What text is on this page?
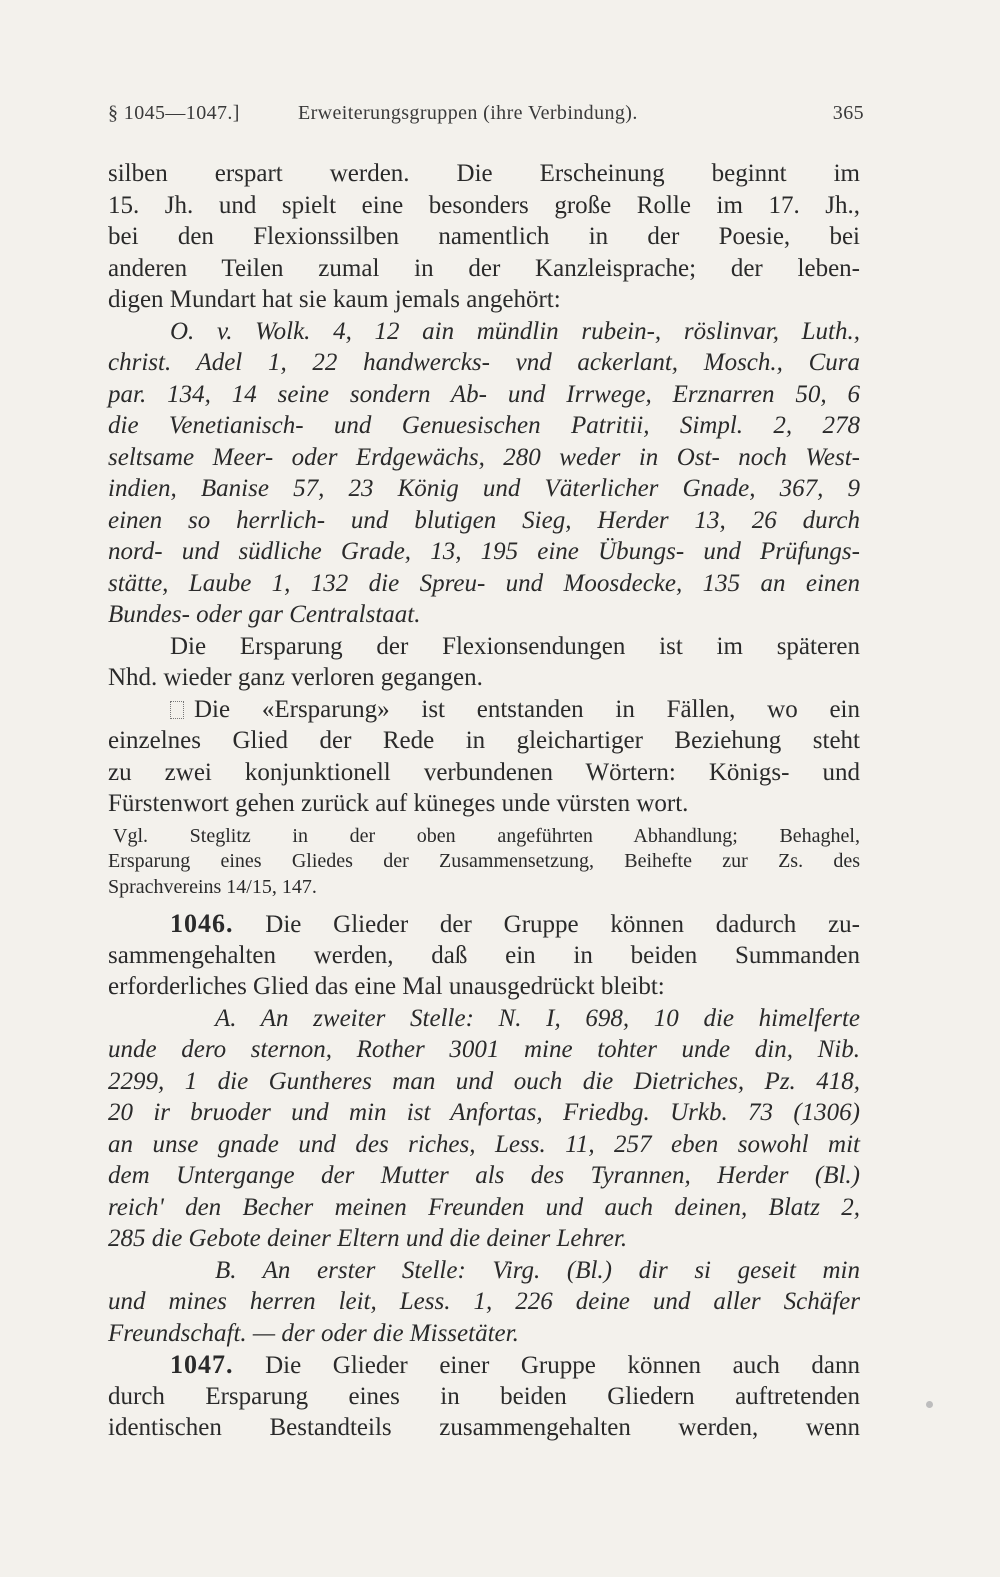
§ 1045—1047.]	Erweiterungsgruppen (ihre Verbindung).	365
silben erspart werden. Die Erscheinung beginnt im
15. Jh. und spielt eine besonders große Rolle im 17. Jh.,
bei den Flexionssilben namentlich in der Poesie, bei
anderen Teilen zumal in der Kanzleisprache; der leben-
digen Mundart hat sie kaum jemals angehört:
O. v. Wolk. 4, 12 ain mündlin rubein-, röslinvar, Luth.,
christ. Adel 1, 22 handwercks- vnd ackerlant, Mosch., Cura
par. 134, 14 seine sondern Ab- und Irrwege, Erznarren 50, 6
die Venetianisch- und Genuesischen Patritii, Simpl. 2, 278
seltsame Meer- oder Erdgewächs, 280 weder in Ost- noch West-
indien, Banise 57, 23 König und Väterlicher Gnade, 367, 9
einen so herrlich- und blutigen Sieg, Herder 13, 26 durch
nord- und südliche Grade, 13, 195 eine Übungs- und Prüfungs-
stätte, Laube 1, 132 die Spreu- und Moosdecke, 135 an einen
Bundes- oder gar Centralstaat.
Die Ersparung der Flexionsendungen ist im späteren
Nhd. wieder ganz verloren gegangen.
Die «Ersparung» ist entstanden in Fällen, wo ein
einzelnes Glied der Rede in gleichartiger Beziehung steht
zu zwei konjunktionell verbundenen Wörtern: Königs- und
Fürstenwort gehen zurück auf küneges unde vürsten wort.
Vgl. Steglitz in der oben angeführten Abhandlung; Behaghel,
Ersparung eines Gliedes der Zusammensetzung, Beihefte zur Zs. des
Sprachvereins 14/15, 147.
1046. Die Glieder der Gruppe können dadurch zu-
sammengehalten werden, daß ein in beiden Summanden
erforderliches Glied das eine Mal unausgedrückt bleibt:
A. An zweiter Stelle: N. I, 698, 10 die himelferte
unde dero sternon, Rother 3001 mine tohter unde din, Nib.
2299, 1 die Guntheres man und ouch die Dietriches, Pz. 418,
20 ir bruoder und min ist Anfortas, Friedbg. Urkb. 73 (1306)
an unse gnade und des riches, Less. 11, 257 eben sowohl mit
dem Untergange der Mutter als des Tyrannen, Herder (Bl.)
reich' den Becher meinen Freunden und auch deinen, Blatz 2,
285 die Gebote deiner Eltern und die deiner Lehrer.
B. An erster Stelle: Virg. (Bl.) dir si geseit min
und mines herren leit, Less. 1, 226 deine und aller Schäfer
Freundschaft. — der oder die Missetäter.
1047. Die Glieder einer Gruppe können auch dann
durch Ersparung eines in beiden Gliedern auftretenden
identischen Bestandteils zusammengehalten werden, wenn
